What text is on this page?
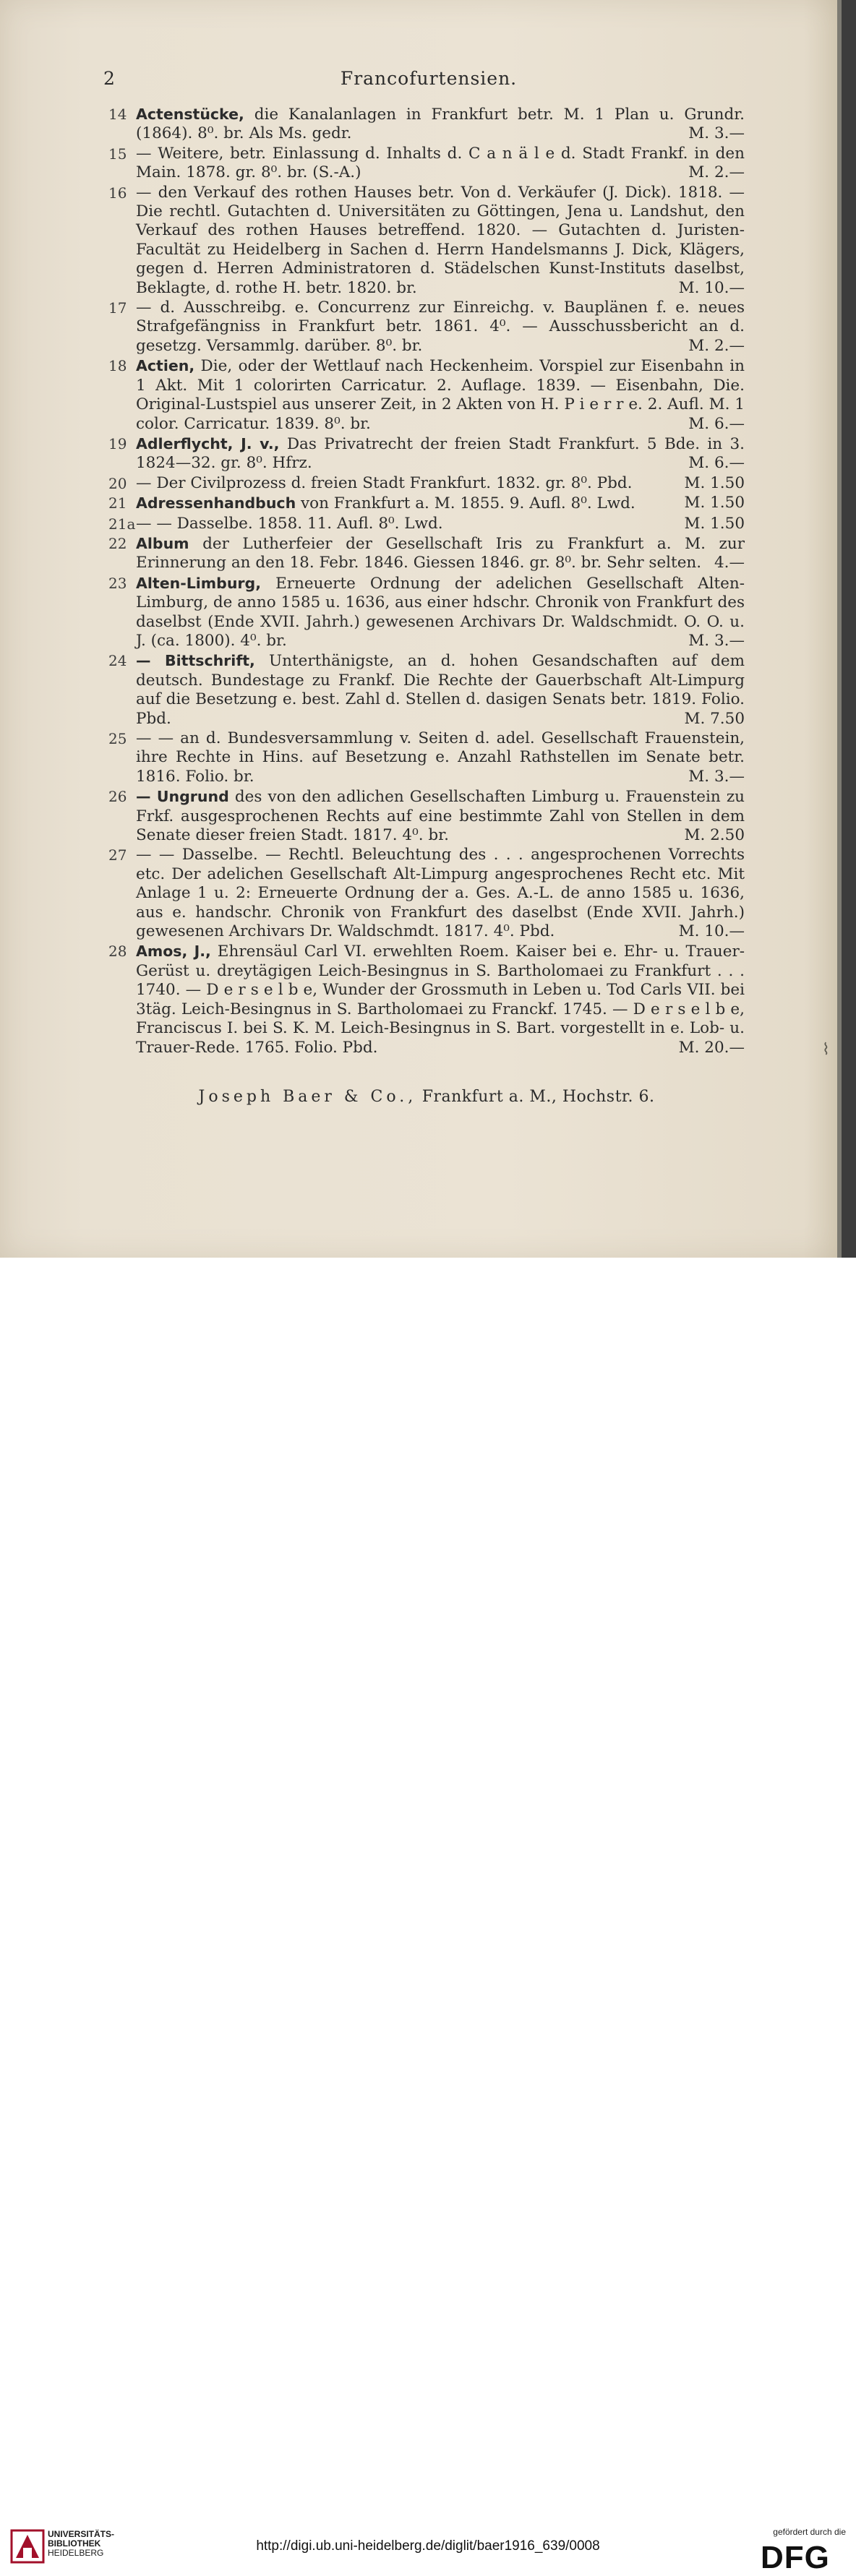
2	Francofurtensien.
14 Actenstücke, die Kanalanlagen in Frankfurt betr. M. 1 Plan u. Grundr. (1864). 8⁰. br. Als Ms. gedr.	M. 3.—
15 — Weitere, betr. Einlassung d. Inhalts d. C a n ä l e d. Stadt Frankf. in den Main. 1878. gr. 8⁰. br. (S.-A.)	M. 2.—
16 — den Verkauf des rothen Hauses betr. Von d. Verkäufer (J. Dick). 1818. — Die rechtl. Gutachten d. Universitäten zu Göttingen, Jena u. Landshut, den Verkauf des rothen Hauses betreffend. 1820. — Gutachten d. Juristen-Facultät zu Heidelberg in Sachen d. Herrn Handelsmanns J. Dick, Klägers, gegen d. Herren Administratoren d. Städelschen Kunst-Instituts daselbst, Beklagte, d. rothe H. betr. 1820. br.	M. 10.—
17 — d. Ausschreibg. e. Concurrenz zur Einreichg. v. Bauplänen f. e. neues Strafgefängniss in Frankfurt betr. 1861. 4⁰. — Ausschussbericht an d. gesetzg. Versammlg. darüber. 8⁰. br.	M. 2.—
18 Actien, Die, oder der Wettlauf nach Heckenheim. Vorspiel zur Eisenbahn in 1 Akt. Mit 1 colorirten Carricatur. 2. Auflage. 1839. — Eisenbahn, Die. Original-Lustspiel aus unserer Zeit, in 2 Akten von H. P i e r r e. 2. Aufl. M. 1 color. Carricatur. 1839. 8⁰. br.	M. 6.—
19 Adlerflycht, J. v., Das Privatrecht der freien Stadt Frankfurt. 5 Bde. in 3. 1824—32. gr. 8⁰. Hfrz.	M. 6.—
20 — Der Civilprozess d. freien Stadt Frankfurt. 1832. gr. 8⁰. Pbd.	M. 1.50
21 Adressenhandbuch von Frankfurt a. M. 1855. 9. Aufl. 8⁰. Lwd.	M. 1.50
21a — — Dasselbe. 1858. 11. Aufl. 8⁰. Lwd.	M. 1.50
22 Album der Lutherfeier der Gesellschaft Iris zu Frankfurt a. M. zur Erinnerung an den 18. Febr. 1846. Giessen 1846. gr. 8⁰. br. Sehr selten. 4.—
23 Alten-Limburg, Erneuerte Ordnung der adelichen Gesellschaft Alten-Limburg, de anno 1585 u. 1636, aus einer hdschr. Chronik von Frankfurt des daselbst (Ende XVII. Jahrh.) gewesenen Archivars Dr. Waldschmidt. O. O. u. J. (ca. 1800). 4⁰. br.	M. 3.—
24 — Bittschrift, Unterthänigste, an d. hohen Gesandschaften auf dem deutsch. Bundestage zu Frankf. Die Rechte der Gauerbschaft Alt-Limpurg auf die Besetzung e. best. Zahl d. Stellen d. dasigen Senats betr. 1819. Folio. Pbd.	M. 7.50
25 — — an d. Bundesversammlung v. Seiten d. adel. Gesellschaft Frauenstein, ihre Rechte in Hins. auf Besetzung e. Anzahl Rathstellen im Senate betr. 1816. Folio. br.	M. 3.—
26 — Ungrund des von den adlichen Gesellschaften Limburg u. Frauenstein zu Frkf. ausgesprochenen Rechts auf eine bestimmte Zahl von Stellen in dem Senate dieser freien Stadt. 1817. 4⁰. br.	M. 2.50
27 — — Dasselbe. — Rechtl. Beleuchtung des . . . angesprochenen Vorrechts etc. Der adelichen Gesellschaft Alt-Limpurg angesprochenes Recht etc. Mit Anlage 1 u. 2: Erneuerte Ordnung der a. Ges. A.-L. de anno 1585 u. 1636, aus e. handschr. Chronik von Frankfurt des daselbst (Ende XVII. Jahrh.) gewesenen Archivars Dr. Waldschmdt. 1817. 4⁰. Pbd.	M. 10.—
28 Amos, J., Ehrensäul Carl VI. erwehlten Roem. Kaiser bei e. Ehr- u. Trauer-Gerüst u. dreytägigen Leich-Besingnus in S. Bartholomaei zu Frankfurt . . . 1740. — D e r s e l b e, Wunder der Grossmuth in Leben u. Tod Carls VII. bei 3täg. Leich-Besingnus in S. Bartholomaei zu Franckf. 1745. — D e r s e l b e, Franciscus I. bei S. K. M. Leich-Besingnus in S. Bart. vorgestellt in e. Lob- u. Trauer-Rede. 1765. Folio. Pbd.	M. 20.—
Joseph Baer & Co., Frankfurt a. M., Hochstr. 6.
⌇
UNIVERSITÄTS-
BIBLIOTHEK
HEIDELBERG	http://digi.ub.uni-heidelberg.de/diglit/baer1916_639/0008
gefördert durch die
DFG
